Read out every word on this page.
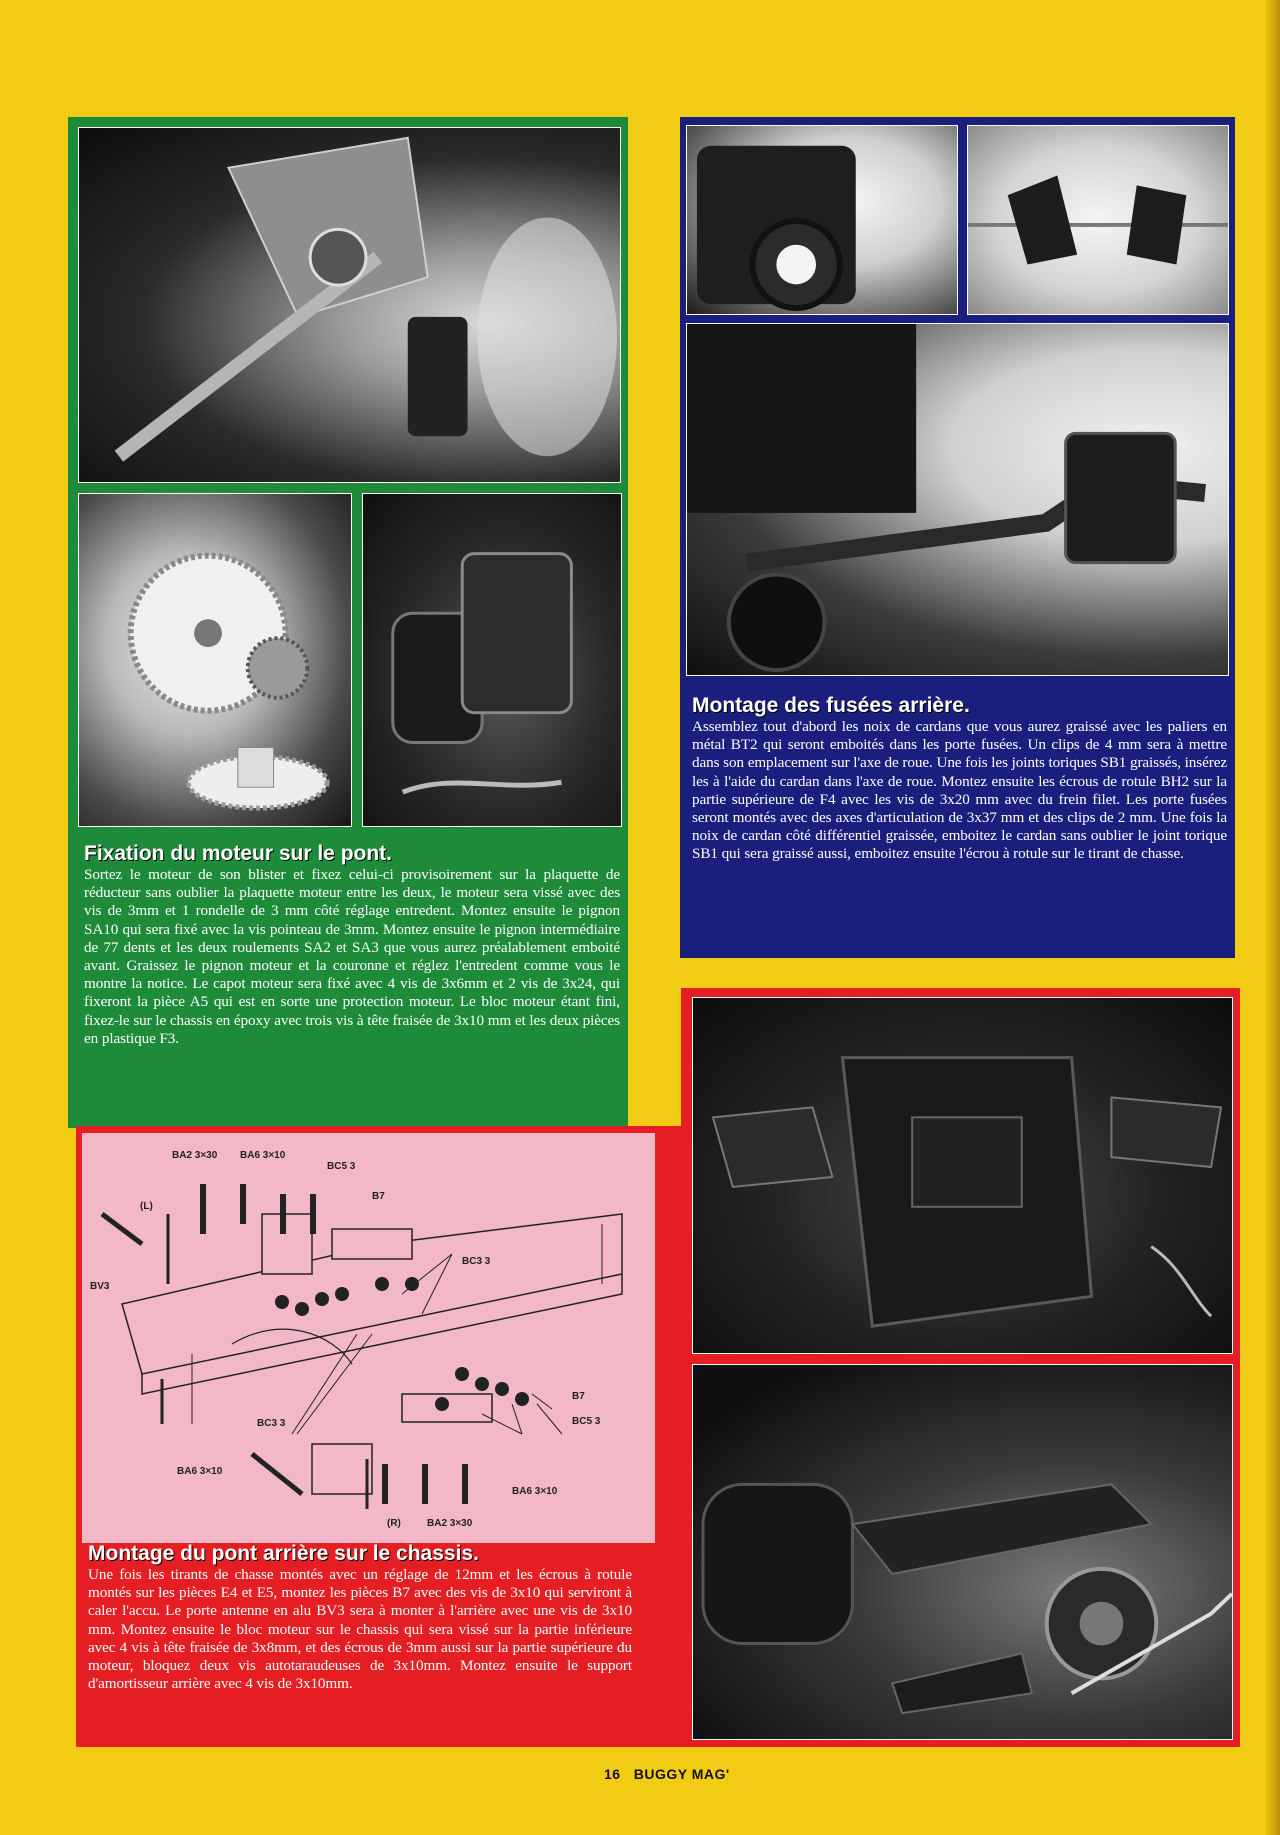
Fixation du moteur sur le pont.

Sortez le moteur de son blister et fixez celui-ci provisoirement sur la plaquette de réducteur sans oublier la plaquette moteur entre les deux, le moteur sera vissé avec des vis de 3mm et 1 rondelle de 3 mm côté réglage entredent. Montez ensuite le pignon SA10 qui sera fixé avec la vis pointeau de 3mm. Montez ensuite le pignon intermédiaire de 77 dents et les deux roulements SA2 et SA3 que vous aurez préalablement emboité avant. Graissez le pignon moteur et la couronne et réglez l'entredent comme vous le montre la notice. Le capot moteur sera fixé avec 4 vis de 3x6mm et 2 vis de 3x24, qui fixeront la pièce A5 qui est en sorte une protection moteur. Le bloc moteur étant fini, fixez-le sur le chassis en époxy avec trois vis à tête fraisée de 3x10 mm et les deux pièces en plastique F3.

Montage des fusées arrière.

Assemblez tout d'abord les noix de cardans que vous aurez graissé avec les paliers en métal BT2 qui seront emboités dans les porte fusées. Un clips de 4 mm sera à mettre dans son emplacement sur l'axe de roue. Une fois les joints toriques SB1 graissés, insérez les à l'aide du cardan dans l'axe de roue. Montez ensuite les écrous de rotule BH2 sur la partie supérieure de F4 avec les vis de 3x20 mm avec du frein filet. Les porte fusées seront montés avec des axes d'articulation de 3x37 mm et des clips de 2 mm. Une fois la noix de cardan côté différentiel graissée, emboitez le cardan sans oublier le joint torique SB1 qui sera graissé aussi, emboitez ensuite l'écrou à rotule sur le tirant de chasse.

BA2 3×30 BA6 3×10
BC5 3
B7
(L)
BV3
BC3 3
B7
BC5 3
BC3 3
BA6 3×10
BA6 3×10
(R)	BA2 3×30
Montage du pont arrière sur le chassis.

Une fois les tirants de chasse montés avec un réglage de 12mm et les écrous à rotule montés sur les pièces E4 et E5, montez les pièces B7 avec des vis de 3x10 qui serviront à caler l'accu. Le porte antenne en alu BV3 sera à monter à l'arrière avec une vis de 3x10 mm. Montez ensuite le bloc moteur sur le chassis qui sera vissé sur la partie inférieure avec 4 vis à tête fraisée de 3x8mm, et des écrous de 3mm aussi sur la partie supérieure du moteur, bloquez deux vis autotaraudeuses de 3x10mm. Montez ensuite le support d'amortisseur arrière avec 4 vis de 3x10mm.

16 BUGGY MAG'
